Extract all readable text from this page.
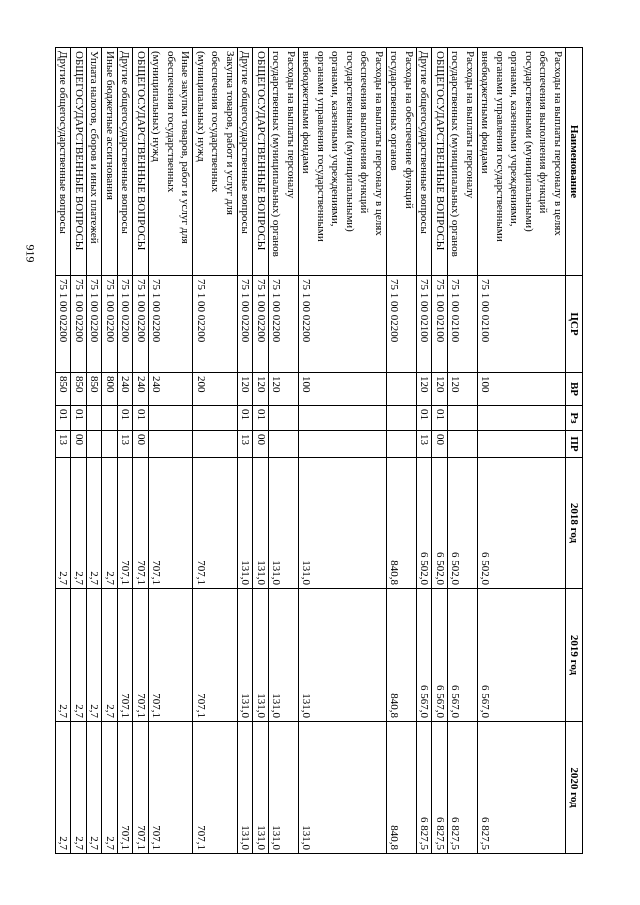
919
Наименование	ЦСР	ВР	Рз	ПР	2018 год	2019 год	2020 год
Расходы на выплаты персоналу в целях обеспечения выполнения функций государственными (муниципальными) органами, казенными учреждениями, органами управления государственными внебюджетными фондами	75 1 00 02100	100			6 502,0	6 567,0	6 827,5
Расходы на выплаты персоналу государственных (муниципальных) органов	75 1 00 02100	120			6 502,0	6 567,0	6 827,5
ОБЩЕГОСУДАРСТВЕННЫЕ ВОПРОСЫ	75 1 00 02100	120	01	00	6 502,0	6 567,0	6 827,5
Другие общегосударственные вопросы	75 1 00 02100	120	01	13	6 502,0	6 567,0	6 827,5
Расходы на обеспечение функций государственных органов	75 1 00 02200				840,8	840,8	840,8
Расходы на выплаты персоналу в целях обеспечения выполнения функций государственными (муниципальными) органами, казенными учреждениями, органами управления государственными внебюджетными фондами	75 1 00 02200	100			131,0	131,0	131,0
Расходы на выплаты персоналу государственных (муниципальных) органов	75 1 00 02200	120			131,0	131,0	131,0
ОБЩЕГОСУДАРСТВЕННЫЕ ВОПРОСЫ	75 1 00 02200	120	01	00	131,0	131,0	131,0
Другие общегосударственные вопросы	75 1 00 02200	120	01	13	131,0	131,0	131,0
Закупка товаров, работ и услуг для обеспечения государственных (муниципальных) нужд	75 1 00 02200	200			707,1	707,1	707,1
Иные закупки товаров, работ и услуг для обеспечения государственных (муниципальных) нужд	75 1 00 02200	240			707,1	707,1	707,1
ОБЩЕГОСУДАРСТВЕННЫЕ ВОПРОСЫ	75 1 00 02200	240	01	00	707,1	707,1	707,1
Другие общегосударственные вопросы	75 1 00 02200	240	01	13	707,1	707,1	707,1
Иные бюджетные ассигнования	75 1 00 02200	800			2,7	2,7	2,7
Уплата налогов, сборов и иных платежей	75 1 00 02200	850			2,7	2,7	2,7
ОБЩЕГОСУДАРСТВЕННЫЕ ВОПРОСЫ	75 1 00 02200	850	01	00	2,7	2,7	2,7
Другие общегосударственные вопросы	75 1 00 02200	850	01	13	2,7	2,7	2,7
